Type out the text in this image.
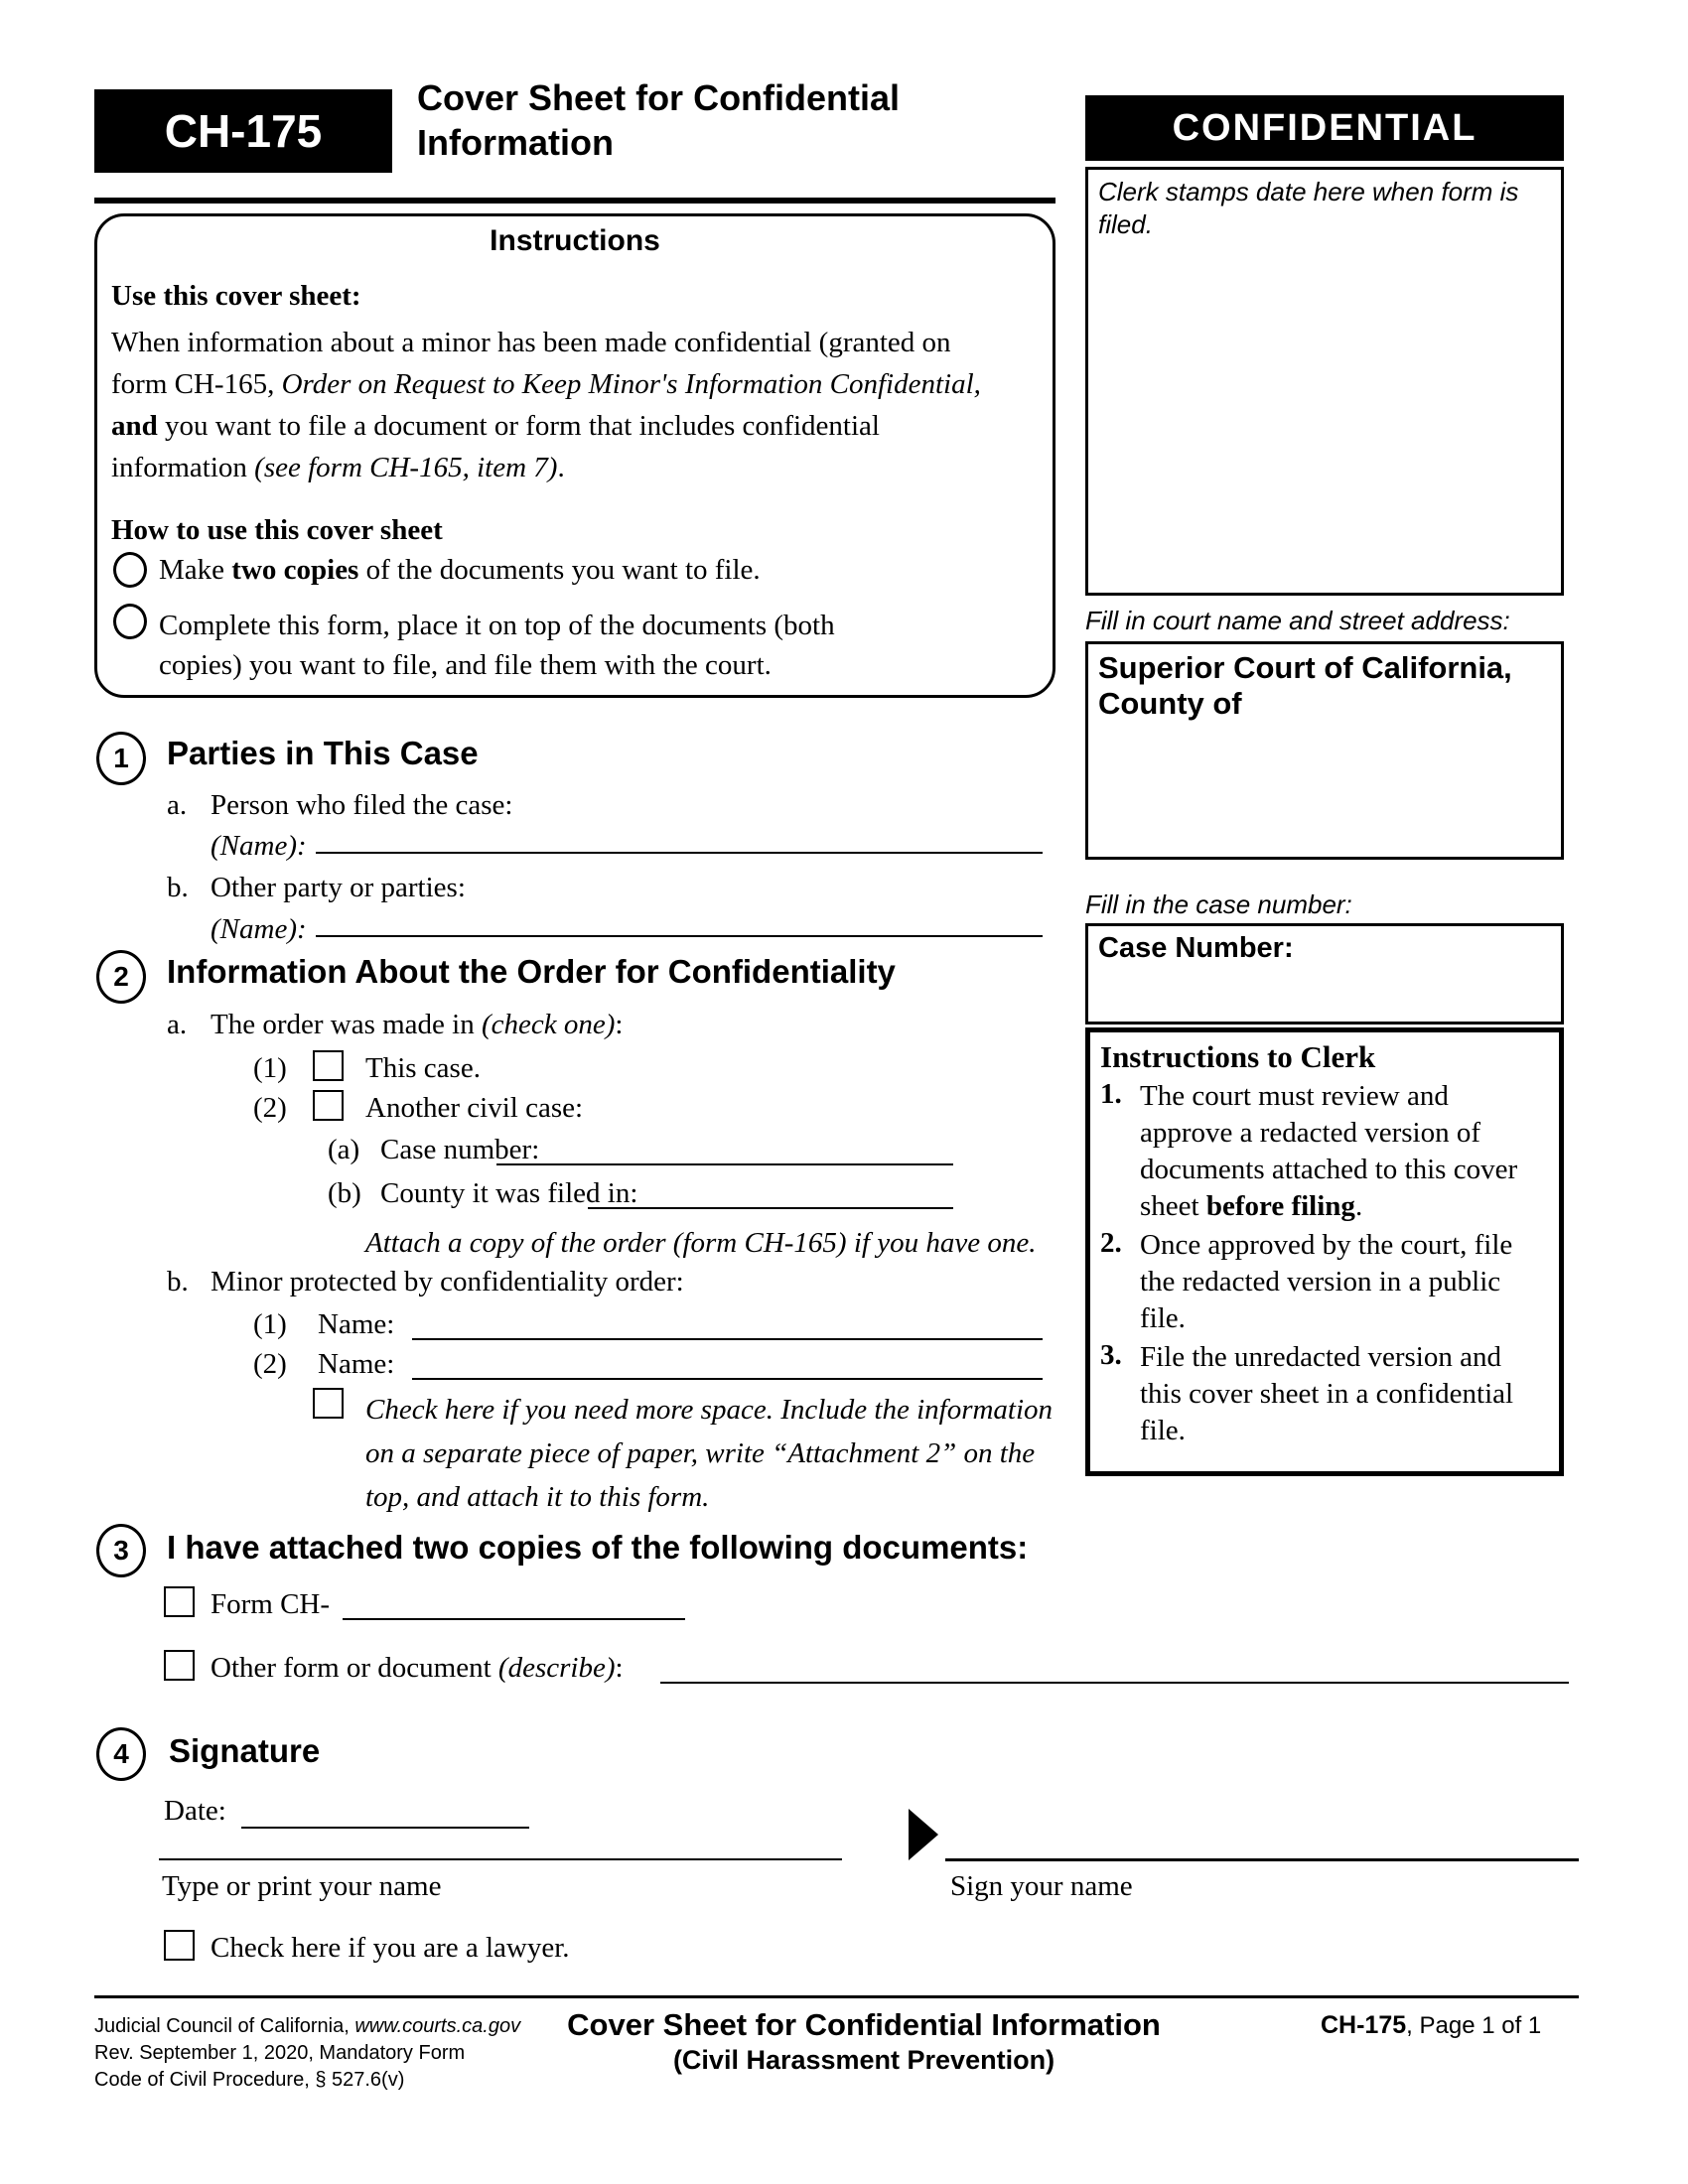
CH-175
Cover Sheet for Confidential
Information	CONFIDENTIAL
Clerk stamps date here when form is filed.
Fill in court name and street address:
Superior Court of California, County of
Fill in the case number:
Case Number:
Instructions to Clerk
1. The court must review and
approve a redacted version of
documents attached to this cover
sheet before filing.
2. Once approved by the court, file
the redacted version in a public
file.
3. File the unredacted version and
this cover sheet in a confidential
file.
Instructions
Use this cover sheet:
When information about a minor has been made confidential (granted on
form CH-165, Order on Request to Keep Minor's Information Confidential,
and you want to file a document or form that includes confidential
information (see form CH-165, item 7).
How to use this cover sheet
Make two copies of the documents you want to file.
Complete this form, place it on top of the documents (both
copies) you want to file, and file them with the court.
1	Parties in This Case
a. Person who filed the case:
(Name):
b. Other party or parties:
(Name):
2	Information About the Order for Confidentiality
a. The order was made in (check one):
(1)	This case.
(2)	Another civil case:
(a) Case number:
(b) County it was filed in:
Attach a copy of the order (form CH-165) if you have one.
b. Minor protected by confidentiality order:
(1) Name:
(2) Name:
Check here if you need more space. Include the information
on a separate piece of paper, write “Attachment 2” on the
top, and attach it to this form.
3	I have attached two copies of the following documents:
Form CH-
Other form or document (describe):
4	Signature
Date:
Type or print your name	Sign your name
Check here if you are a lawyer.
Judicial Council of California, www.courts.ca.gov
Rev. September 1, 2020, Mandatory Form
Code of Civil Procedure, § 527.6(v)
Cover Sheet for Confidential Information
(Civil Harassment Prevention)
CH-175, Page 1 of 1
